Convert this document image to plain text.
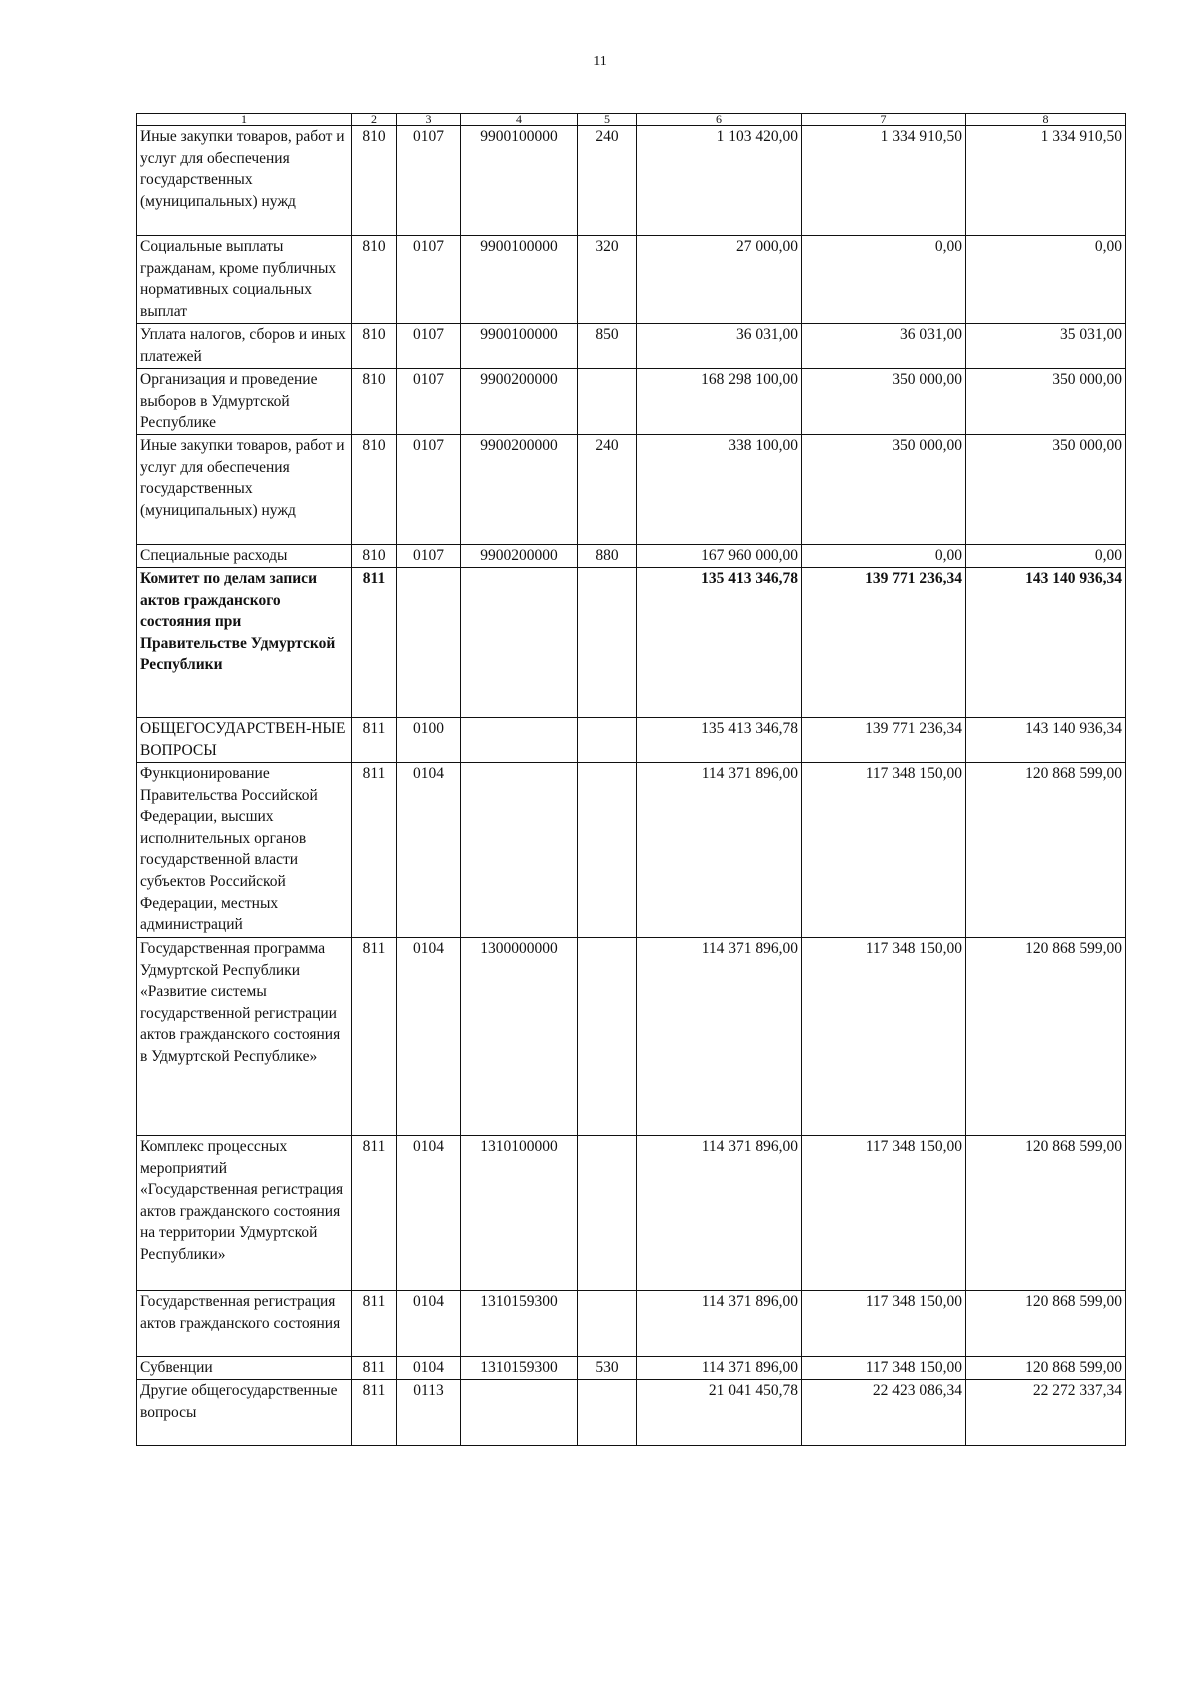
11
1	2	3	4	5	6	7	8
Иные закупки товаров, работ и услуг для обеспечения государственных (муниципальных) нужд	810	0107	9900100000	240	1 103 420,00	1 334 910,50	1 334 910,50
Социальные выплаты гражданам, кроме публичных нормативных социальных выплат	810	0107	9900100000	320	27 000,00	0,00	0,00
Уплата налогов, сборов и иных платежей	810	0107	9900100000	850	36 031,00	36 031,00	35 031,00
Организация и проведение выборов в Удмуртской Республике	810	0107	9900200000		168 298 100,00	350 000,00	350 000,00
Иные закупки товаров, работ и услуг для обеспечения государственных (муниципальных) нужд	810	0107	9900200000	240	338 100,00	350 000,00	350 000,00
Специальные расходы	810	0107	9900200000	880	167 960 000,00	0,00	0,00
Комитет по делам записи актов гражданского состояния при Правительстве Удмуртской Республики	811				135 413 346,78	139 771 236,34	143 140 936,34
ОБЩЕГОСУДАРСТВЕН-НЫЕ ВОПРОСЫ	811	0100			135 413 346,78	139 771 236,34	143 140 936,34
Функционирование Правительства Российской Федерации, высших исполнительных органов государственной власти субъектов Российской Федерации, местных администраций	811	0104			114 371 896,00	117 348 150,00	120 868 599,00
Государственная программа Удмуртской Республики «Развитие системы государственной регистрации актов гражданского состояния в Удмуртской Республике»	811	0104	1300000000		114 371 896,00	117 348 150,00	120 868 599,00
Комплекс процессных мероприятий «Государственная регистрация актов гражданского состояния на территории Удмуртской Республики»	811	0104	1310100000		114 371 896,00	117 348 150,00	120 868 599,00
Государственная регистрация актов гражданского состояния	811	0104	1310159300		114 371 896,00	117 348 150,00	120 868 599,00
Субвенции	811	0104	1310159300	530	114 371 896,00	117 348 150,00	120 868 599,00
Другие общегосударственные вопросы	811	0113			21 041 450,78	22 423 086,34	22 272 337,34
